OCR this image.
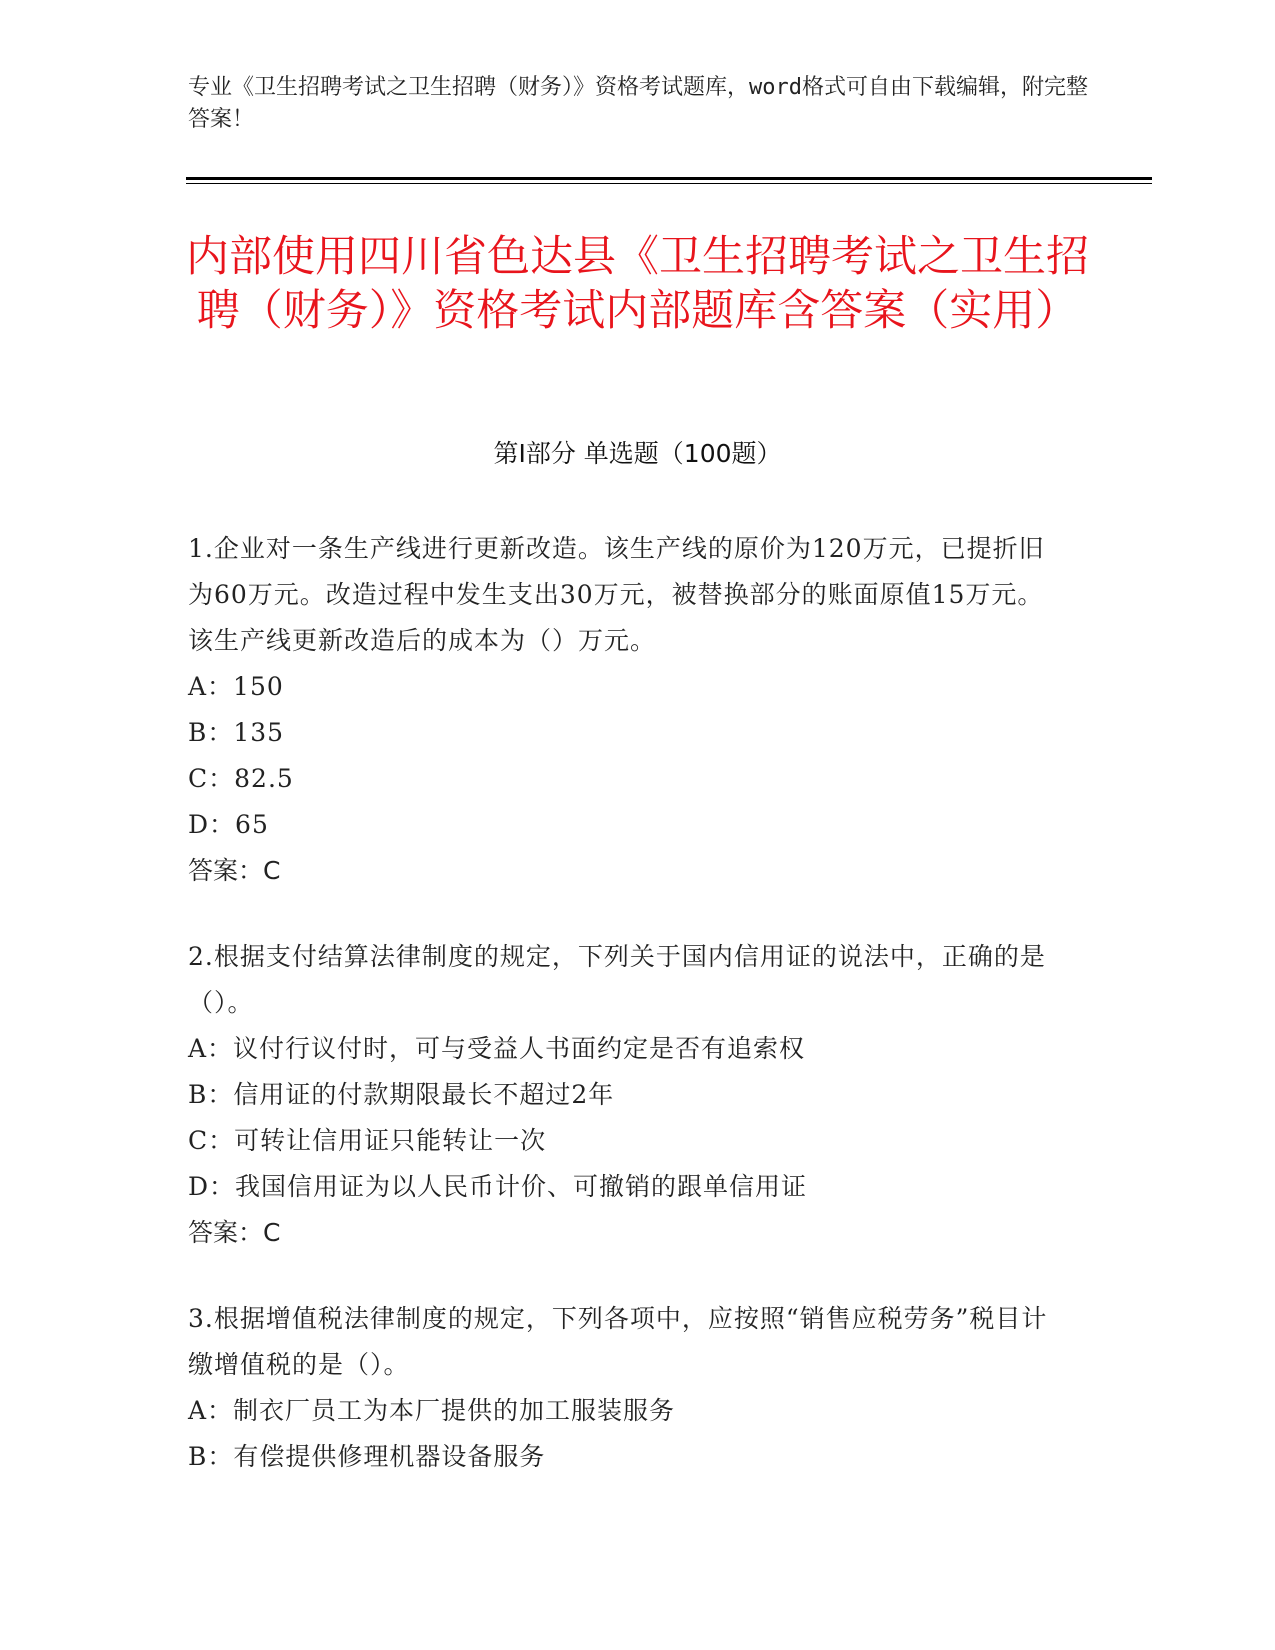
专业《卫生招聘考试之卫生招聘（财务）》资格考试题库，word格式可自由下载编辑，附完整答案！
内部使用四川省色达县《卫生招聘考试之卫生招聘（财务）》资格考试内部题库含答案（实用）
第Ⅰ部分 单选题（100题）

1.企业对一条生产线进行更新改造。该生产线的原价为120万元，已提折旧为60万元。改造过程中发生支出30万元，被替换部分的账面原值15万元。该生产线更新改造后的成本为（）万元。

A：150

B：135

C：82.5

D：65

答案：C

2.根据支付结算法律制度的规定，下列关于国内信用证的说法中，正确的是（）。

A：议付行议付时，可与受益人书面约定是否有追索权

B：信用证的付款期限最长不超过2年

C：可转让信用证只能转让一次

D：我国信用证为以人民币计价、可撤销的跟单信用证

答案：C

3.根据增值税法律制度的规定，下列各项中，应按照“销售应税劳务”税目计缴增值税的是（）。

A：制衣厂员工为本厂提供的加工服装服务

B：有偿提供修理机器设备服务
